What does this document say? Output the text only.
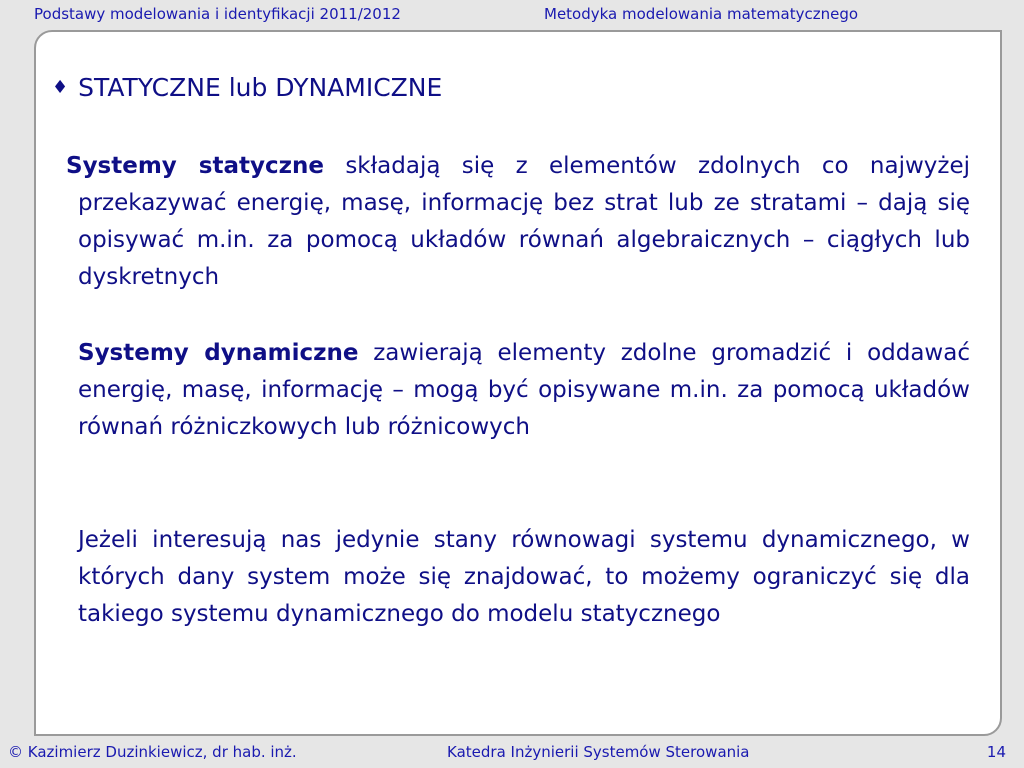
Podstawy modelowania i identyfikacji 2011/2012	Metodyka modelowania matematycznego
♦ STATYCZNE lub DYNAMICZNE

Systemy statyczne składają się z elementów zdolnych co najwyżej przekazywać energię, masę, informację bez strat lub ze stratami – dają się opisywać m.in. za pomocą układów równań algebraicznych – ciągłych lub dyskretnych

Systemy dynamiczne zawierają elementy zdolne gromadzić i oddawać energię, masę, informację – mogą być opisywane m.in. za pomocą układów równań różniczkowych lub różnicowych

Jeżeli interesują nas jedynie stany równowagi systemu dynamicznego, w których dany system może się znajdować, to możemy ograniczyć się dla takiego systemu dynamicznego do modelu statycznego

© Kazimierz Duzinkiewicz, dr hab. inż.	Katedra Inżynierii Systemów Sterowania	14
